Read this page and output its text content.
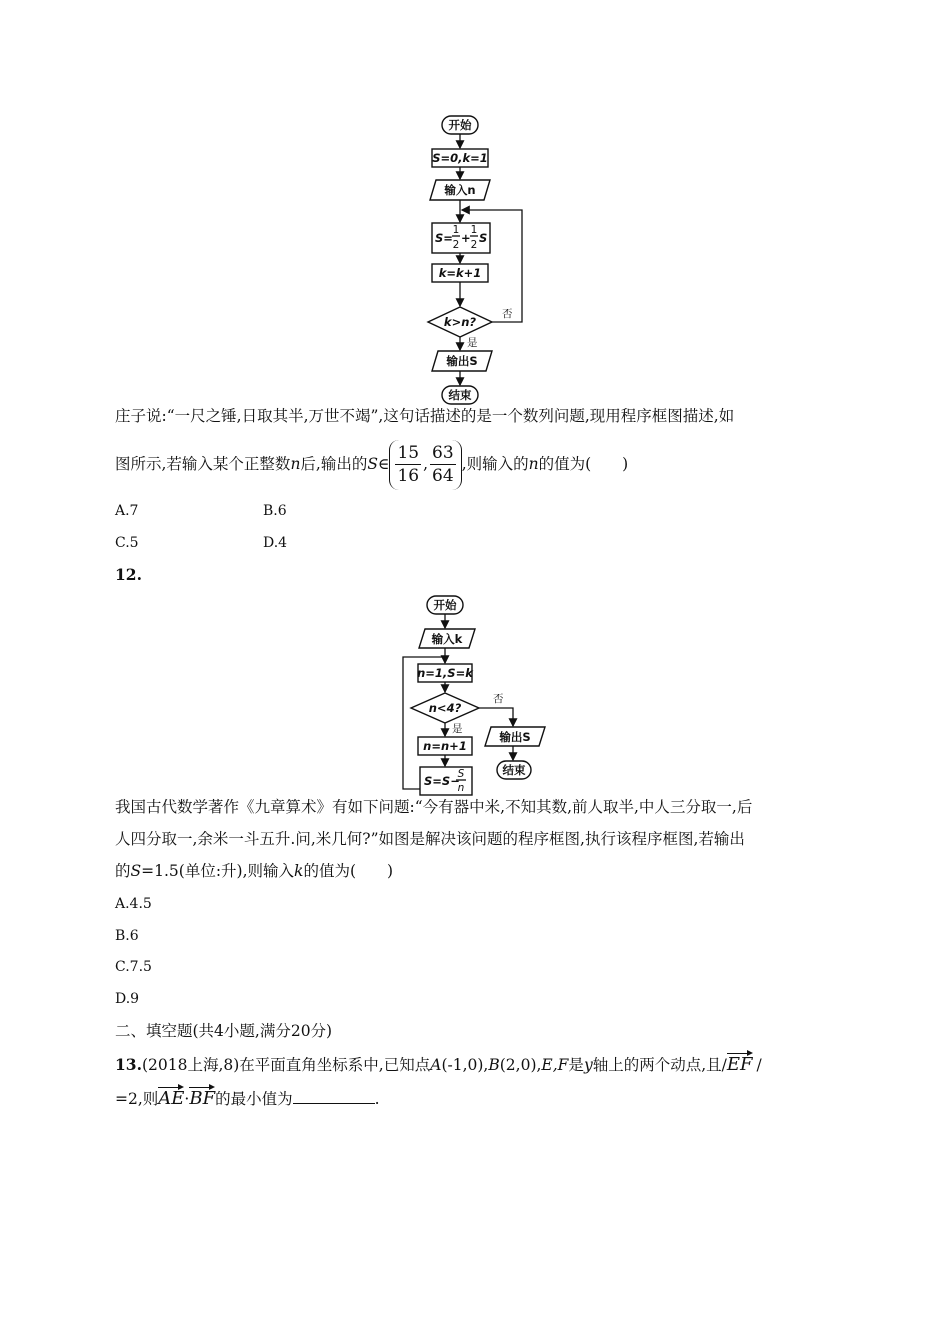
开始
S=0,k=1
输入n
S=
1
2 +
1
2 S
k=k+1
k>n?
否
是
输出S
结束
庄子说:“一尺之锤,日取其半,万世不竭”,这句话描述的是一个数列问题,现用程序框图描述,如
图所示,若输入某个正整数n后,输出的S∈ $\frac{15}{16}$ , $\frac{63}{64}$ ,则输入的n的值为(　　)
A.7	B.6
C.5	D.4
12.
开始
输入k
n=1,S=k
n<4?
否
输出S
结束
是
n=n+1
S=S−
S
n
我国古代数学著作《九章算术》有如下问题:“今有器中米,不知其数,前人取半,中人三分取一,后
人四分取一,余米一斗五升.问,米几何?”如图是解决该问题的程序框图,执行该程序框图,若输出
的S=1.5(单位:升),则输入k的值为(　　)
A.4.5
B.6
C.7.5
D.9
二、填空题(共4小题,满分20分)
13.(2018上海,8)在平面直角坐标系中,已知点A(-1,0),B(2,0),E,F是y轴上的两个动点,且/EF /
=2,则AE·BF的最小值为	.
